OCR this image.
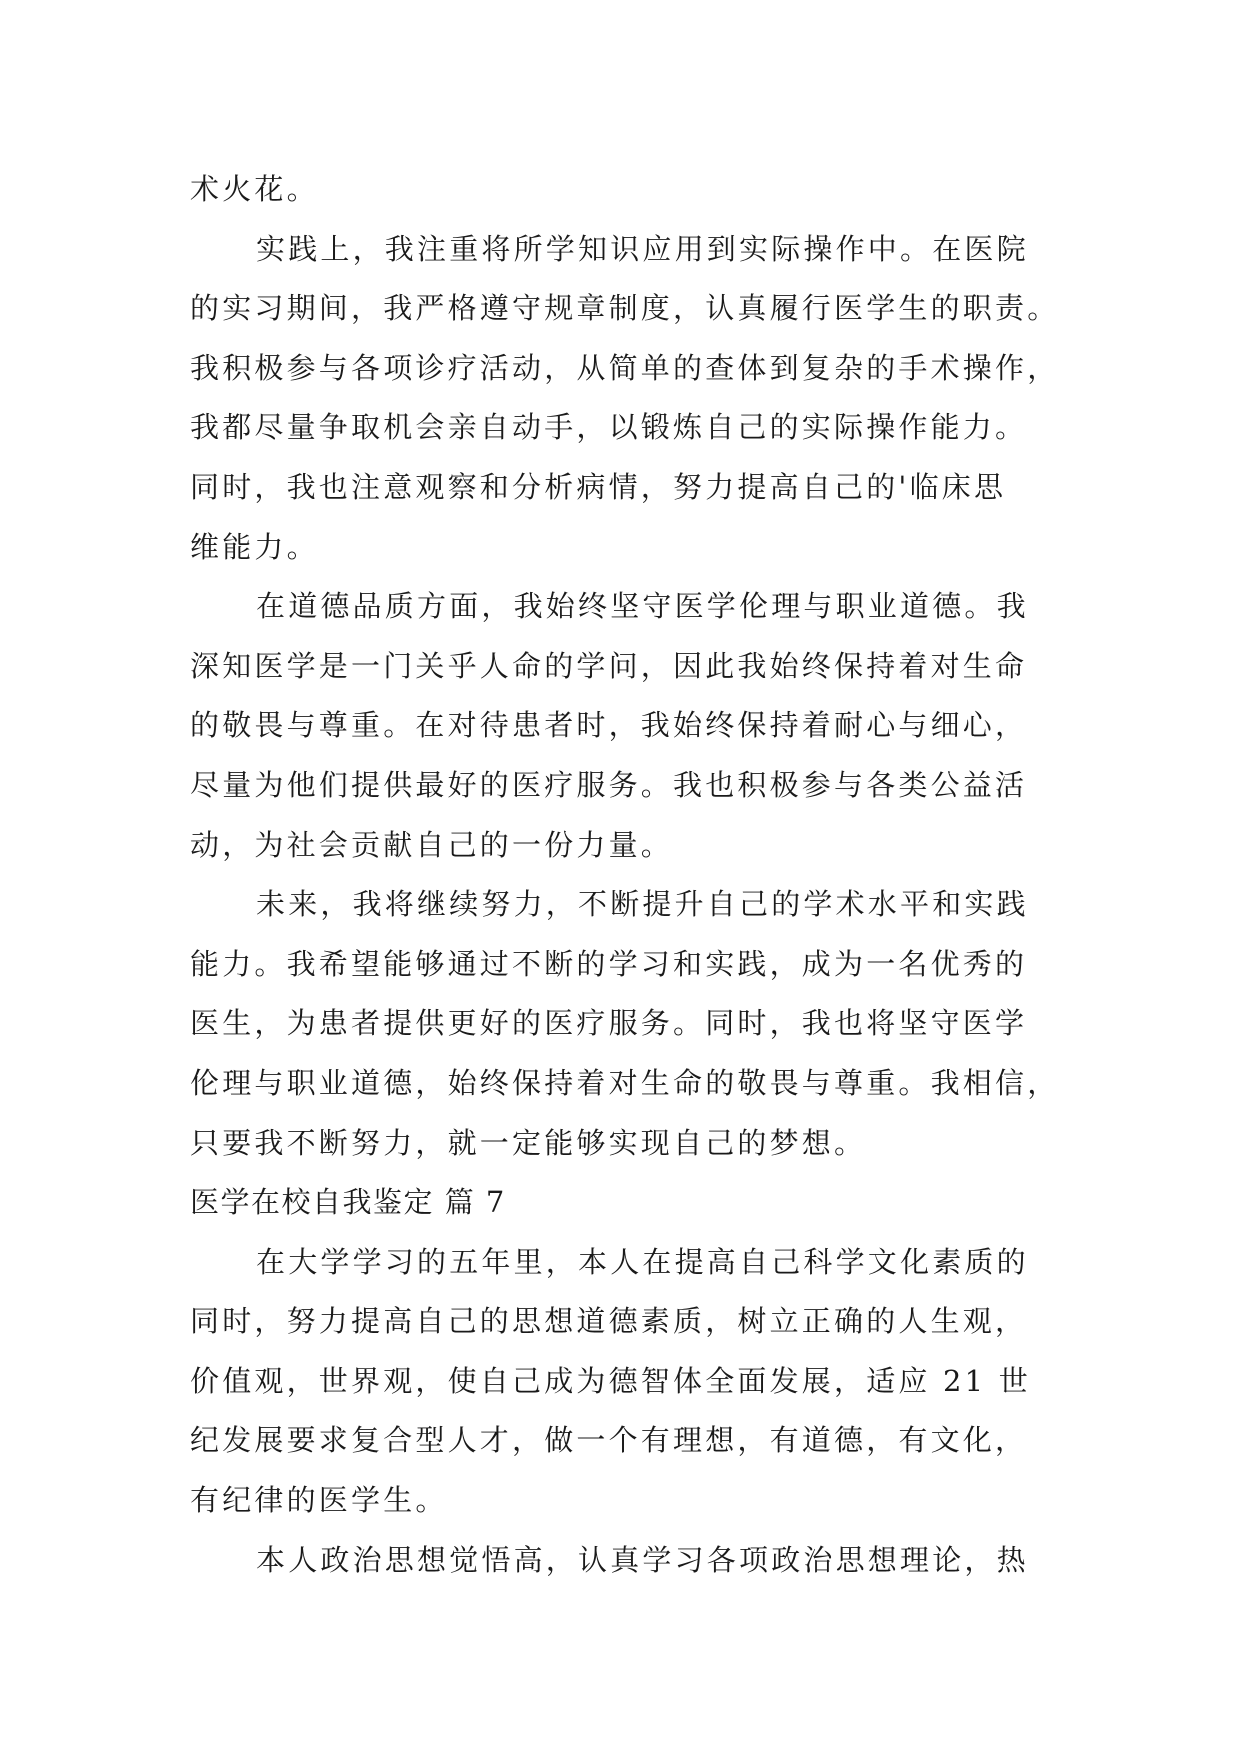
术火花。
实践上，我注重将所学知识应用到实际操作中。在医院
的实习期间，我严格遵守规章制度，认真履行医学生的职责。
我积极参与各项诊疗活动，从简单的查体到复杂的手术操作，
我都尽量争取机会亲自动手，以锻炼自己的实际操作能力。
同时，我也注意观察和分析病情，努力提高自己的'临床思
维能力。
在道德品质方面，我始终坚守医学伦理与职业道德。我
深知医学是一门关乎人命的学问，因此我始终保持着对生命
的敬畏与尊重。在对待患者时，我始终保持着耐心与细心，
尽量为他们提供最好的医疗服务。我也积极参与各类公益活
动，为社会贡献自己的一份力量。
未来，我将继续努力，不断提升自己的学术水平和实践
能力。我希望能够通过不断的学习和实践，成为一名优秀的
医生，为患者提供更好的医疗服务。同时，我也将坚守医学
伦理与职业道德，始终保持着对生命的敬畏与尊重。我相信，
只要我不断努力，就一定能够实现自己的梦想。
医学在校自我鉴定 篇 7
在大学学习的五年里，本人在提高自己科学文化素质的
同时，努力提高自己的思想道德素质，树立正确的人生观，
价值观，世界观，使自己成为德智体全面发展，适应 21 世
纪发展要求复合型人才，做一个有理想，有道德，有文化，
有纪律的医学生。
本人政治思想觉悟高，认真学习各项政治思想理论，热
